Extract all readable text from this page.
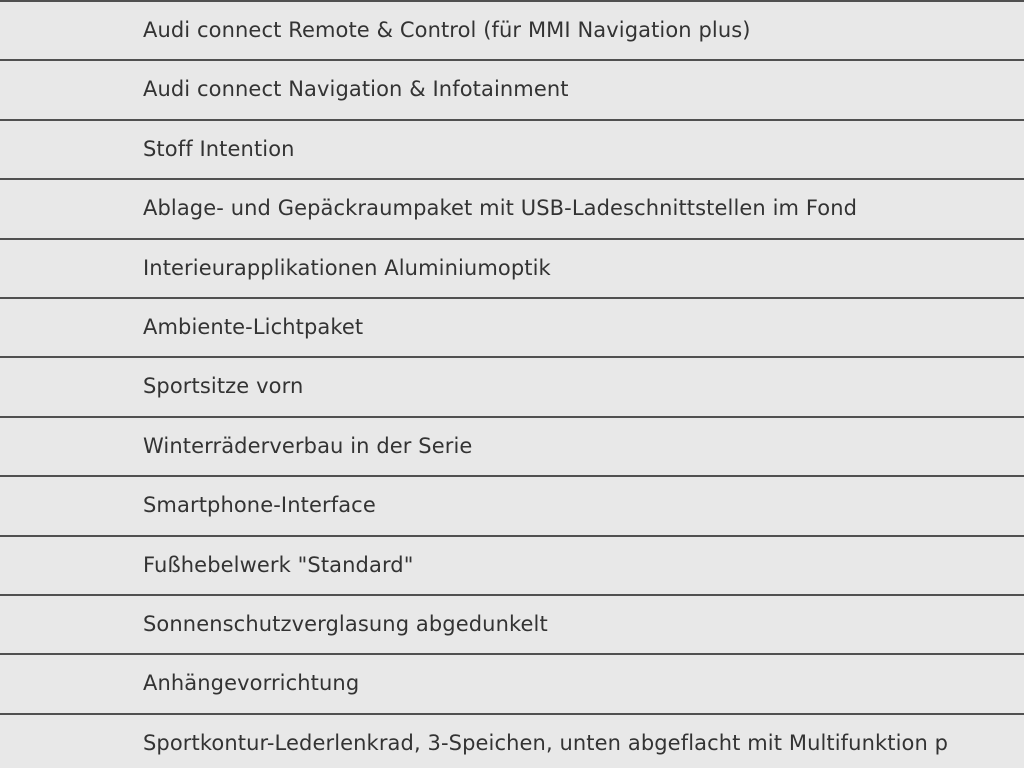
Audi connect Remote & Control (für MMI Navigation plus)
Audi connect Navigation & Infotainment
Stoff Intention
Ablage- und Gepäckraumpaket mit USB-Ladeschnittstellen im Fond
Interieurapplikationen Aluminiumoptik
Ambiente-Lichtpaket
Sportsitze vorn
Winterräderverbau in der Serie
Smartphone-Interface
Fußhebelwerk "Standard"
Sonnenschutzverglasung abgedunkelt
Anhängevorrichtung
Sportkontur-Lederlenkrad, 3-Speichen, unten abgeflacht mit Multifunktion p
